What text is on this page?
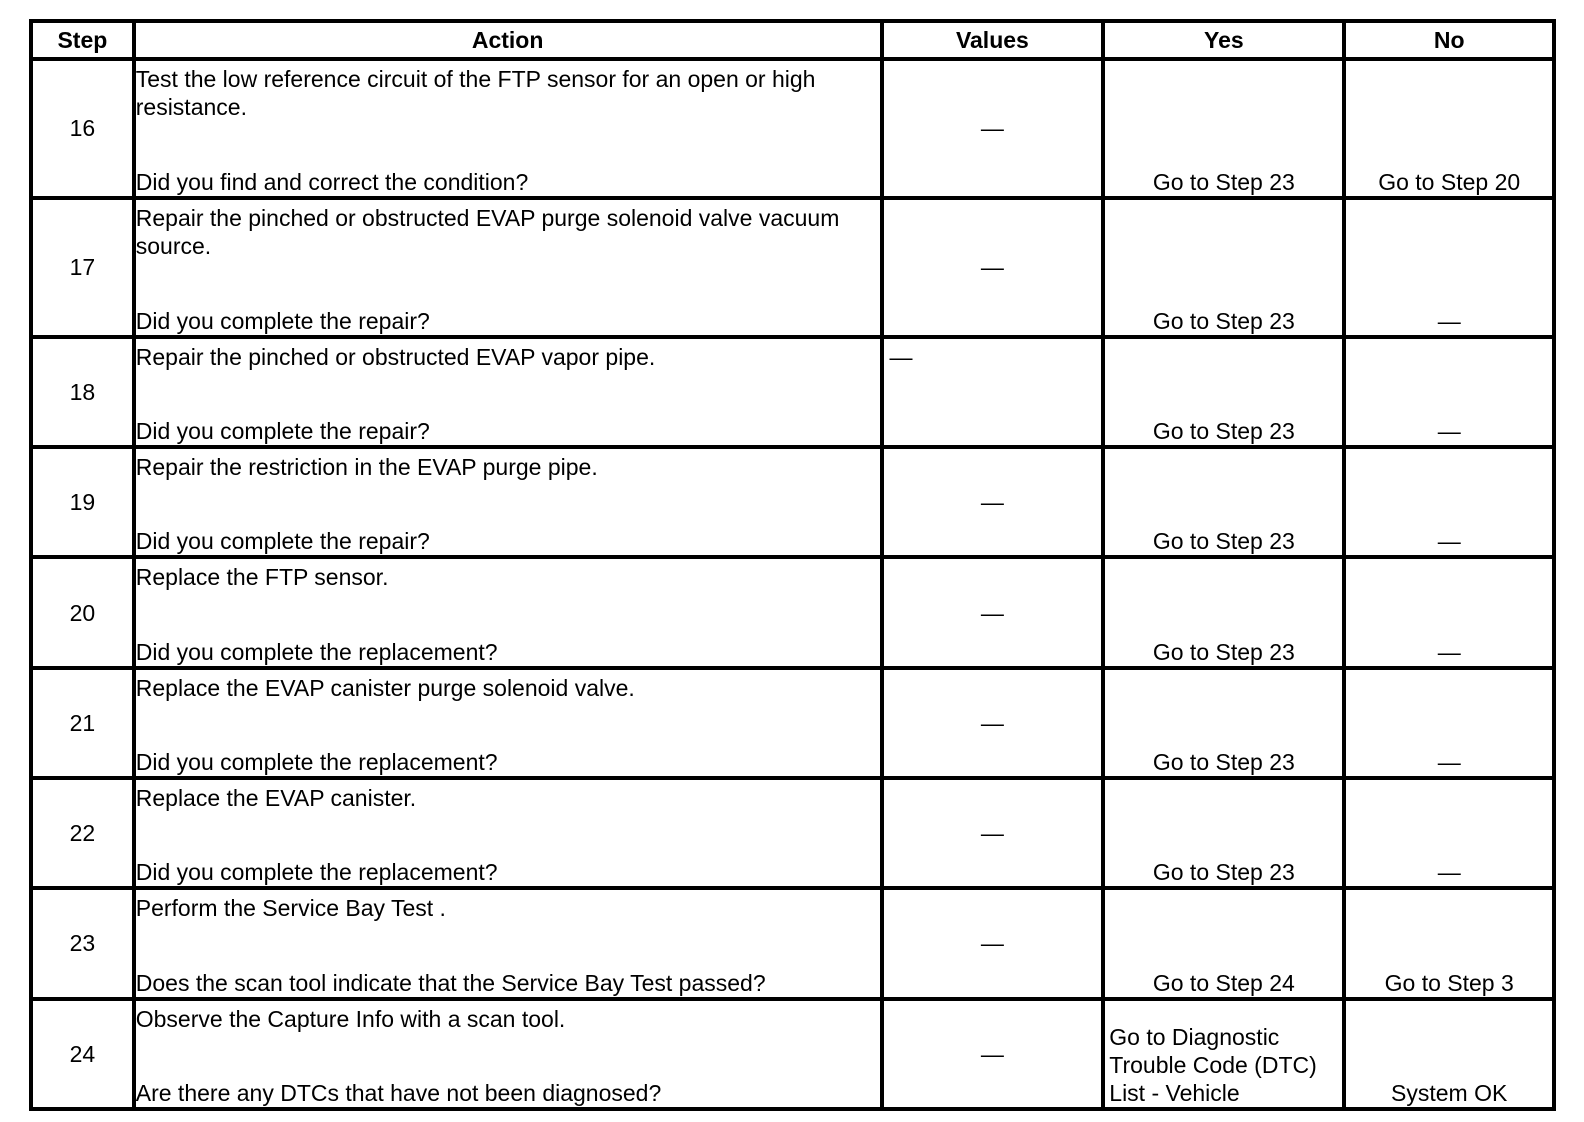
Step	Action	Values	Yes	No
16	Test the low reference circuit of the FTP sensor for an open or high resistance.
Did you find and correct the condition?	—	Go to Step 23	Go to Step 20
17	Repair the pinched or obstructed EVAP purge solenoid valve vacuum source.
Did you complete the repair?	—	Go to Step 23	—
18	Repair the pinched or obstructed EVAP vapor pipe.
Did you complete the repair?	—	Go to Step 23	—
19	Repair the restriction in the EVAP purge pipe.
Did you complete the repair?	—	Go to Step 23	—
20	Replace the FTP sensor.
Did you complete the replacement?	—	Go to Step 23	—
21	Replace the EVAP canister purge solenoid valve.
Did you complete the replacement?	—	Go to Step 23	—
22	Replace the EVAP canister.
Did you complete the replacement?	—	Go to Step 23	—
23	Perform the Service Bay Test .
Does the scan tool indicate that the Service Bay Test passed?	—	Go to Step 24	Go to Step 3
24	Observe the Capture Info with a scan tool.
Are there any DTCs that have not been diagnosed?	—	Go to Diagnostic Trouble Code (DTC) List - Vehicle	System OK
